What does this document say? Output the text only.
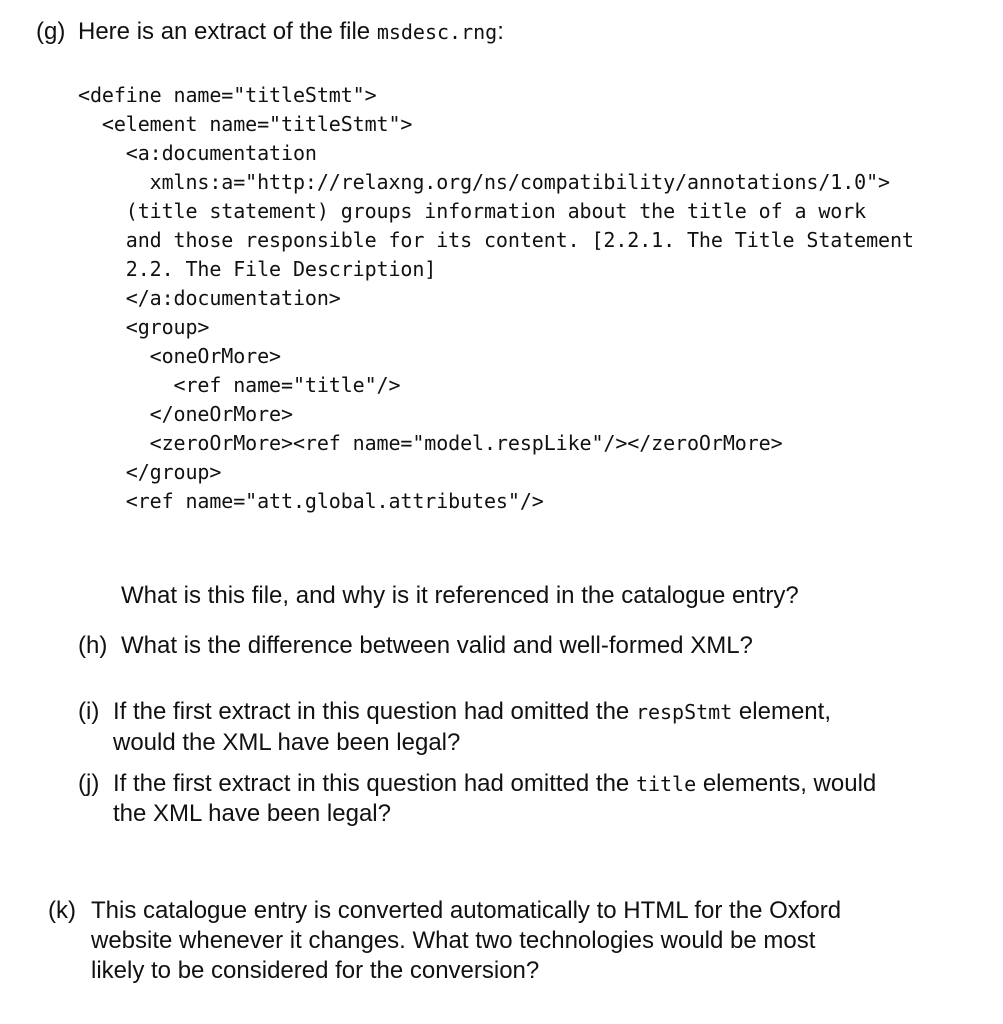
(g) Here is an extract of the file msdesc.rng:
<define name="titleStmt">
<element name="titleStmt">
<a:documentation
xmlns:a="http://relaxng.org/ns/compatibility/annotations/1.0">
(title statement) groups information about the title of a work
and those responsible for its content. [2.2.1. The Title Statement
2.2. The File Description]
</a:documentation>
<group>
<oneOrMore>
<ref name="title"/>
</oneOrMore>
<zeroOrMore><ref name="model.respLike"/></zeroOrMore>
</group>
<ref name="att.global.attributes"/>
What is this file, and why is it referenced in the catalogue entry?
(h) What is the difference between valid and well-formed XML?
(i) If the first extract in this question had omitted the respStmt element,
would the XML have been legal?
(j) If the first extract in this question had omitted the title elements, would
the XML have been legal?
(k) This catalogue entry is converted automatically to HTML for the Oxford
website whenever it changes. What two technologies would be most
likely to be considered for the conversion?
